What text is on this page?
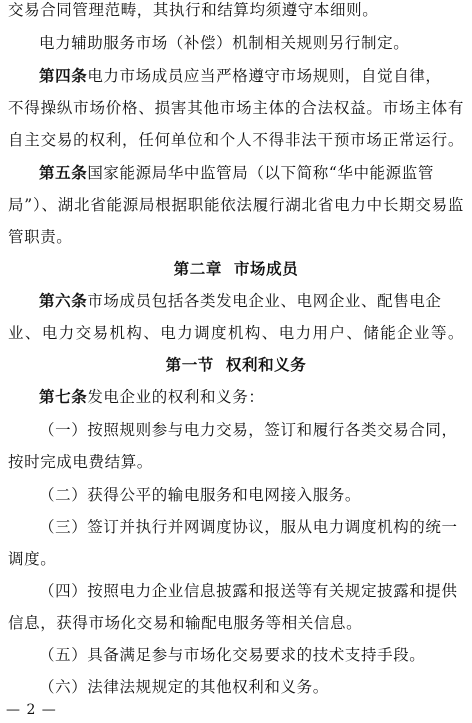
交易合同管理范畴，其执行和结算均须遵守本细则。
电力辅助服务市场（补偿）机制相关规则另行制定。
第四条电力市场成员应当严格遵守市场规则，自觉自律，
不得操纵市场价格、损害其他市场主体的合法权益。市场主体有
自主交易的权利，任何单位和个人不得非法干预市场正常运行。
第五条国家能源局华中监管局（以下简称“华中能源监管
局”）、湖北省能源局根据职能依法履行湖北省电力中长期交易监
管职责。
第二章  市场成员
第六条市场成员包括各类发电企业、电网企业、配售电企
业、电力交易机构、电力调度机构、电力用户、储能企业等。
第一节  权利和义务
第七条发电企业的权利和义务：
（一）按照规则参与电力交易，签订和履行各类交易合同，
按时完成电费结算。
（二）获得公平的输电服务和电网接入服务。
（三）签订并执行并网调度协议，服从电力调度机构的统一
调度。
（四）按照电力企业信息披露和报送等有关规定披露和提供
信息，获得市场化交易和输配电服务等相关信息。
（五）具备满足参与市场化交易要求的技术支持手段。
（六）法律法规规定的其他权利和义务。
— 2 —
